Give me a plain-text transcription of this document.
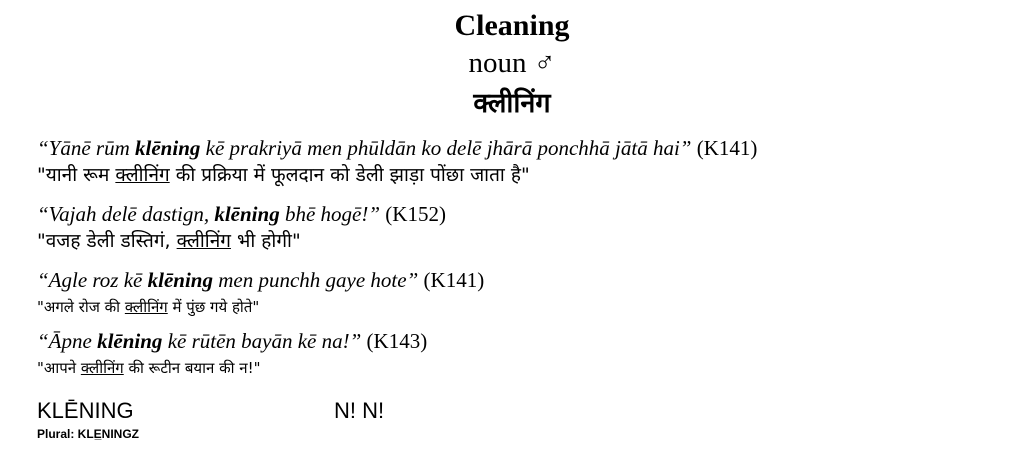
Cleaning
noun ♂
क्लीनिंग
“Yānē rūm klēning kē prakriyā men phūldān ko delē jhārā ponchhā jātā hai” (K141)
"यानी रूम क्लीनिंग की प्रक्रिया में फूलदान को डेली झाड़ा पोंछा जाता है"
“Vajah delē dastign, klēning bhē hogē!” (K152)
"वजह डेली डस्तिगं, क्लीनिंग भी होगी"
“Agle roz kē klēning men punchh gaye hote” (K141)
"अगले रोज की क्लीनिंग में पुंछ गये होते"
“Āpne klēning kē rūtēn bayān kē na!” (K143)
"आपने क्लीनिंग की रूटीन बयान की न!"
KLĒNING	N! N!
Plural: KLE̲NINGZ
